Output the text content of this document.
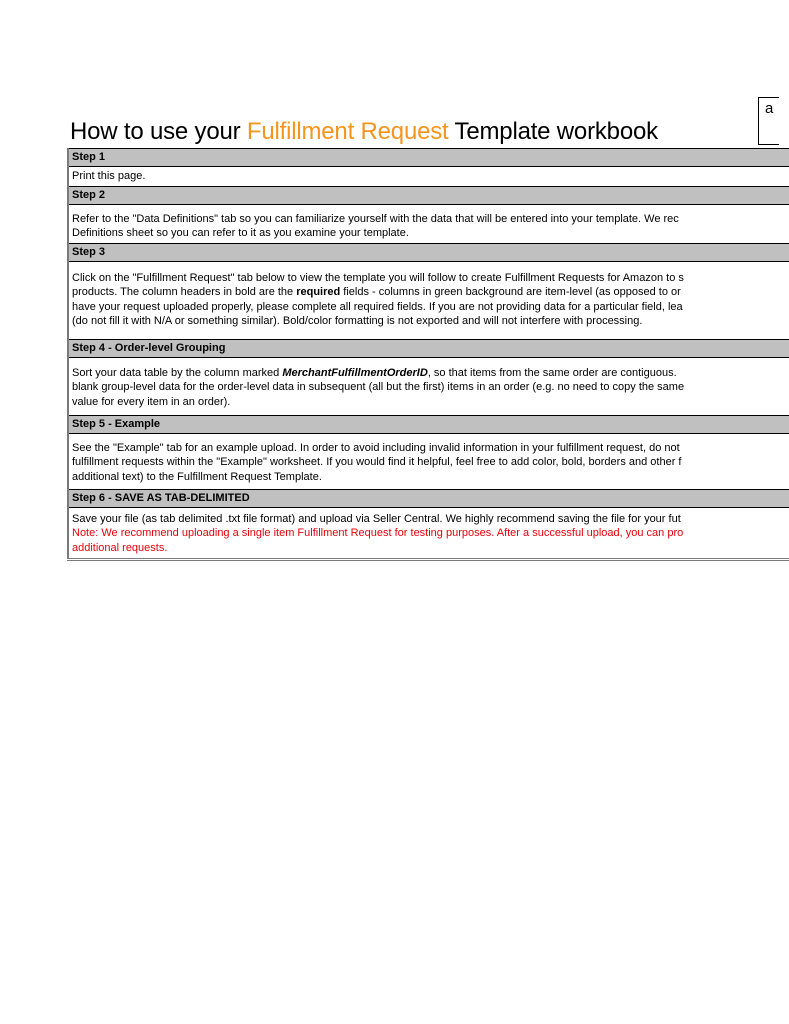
a
How to use your Fulfillment Request Template workbook
Step 1
Print this page.
Step 2
Refer to the "Data Definitions" tab so you can familiarize yourself with the data that will be entered into your template. We rec
Definitions sheet so you can refer to it as you examine your template.
Step 3
Click on the "Fulfillment Request" tab below to view the template you will follow to create Fulfillment Requests for Amazon to s
products. The column headers in bold are the required fields - columns in green background are item-level (as opposed to or
have your request uploaded properly, please complete all required fields. If you are not providing data for a particular field, lea
(do not fill it with N/A or something similar). Bold/color formatting is not exported and will not interfere with processing.
Step 4 - Order-level Grouping
Sort your data table by the column marked MerchantFulfillmentOrderID, so that items from the same order are contiguous.
blank group-level data for the order-level data in subsequent (all but the first) items in an order (e.g. no need to copy the same
value for every item in an order).
Step 5 - Example
See the "Example" tab for an example upload. In order to avoid including invalid information in your fulfillment request, do not
fulfillment requests within the "Example" worksheet. If you would find it helpful, feel free to add color, bold, borders and other f
additional text) to the Fulfillment Request Template.
Step 6 - SAVE AS TAB-DELIMITED
Save your file (as tab delimited .txt file format) and upload via Seller Central. We highly recommend saving the file for your fut
Note: We recommend uploading a single item Fulfillment Request for testing purposes. After a successful upload, you can pro
additional requests.
